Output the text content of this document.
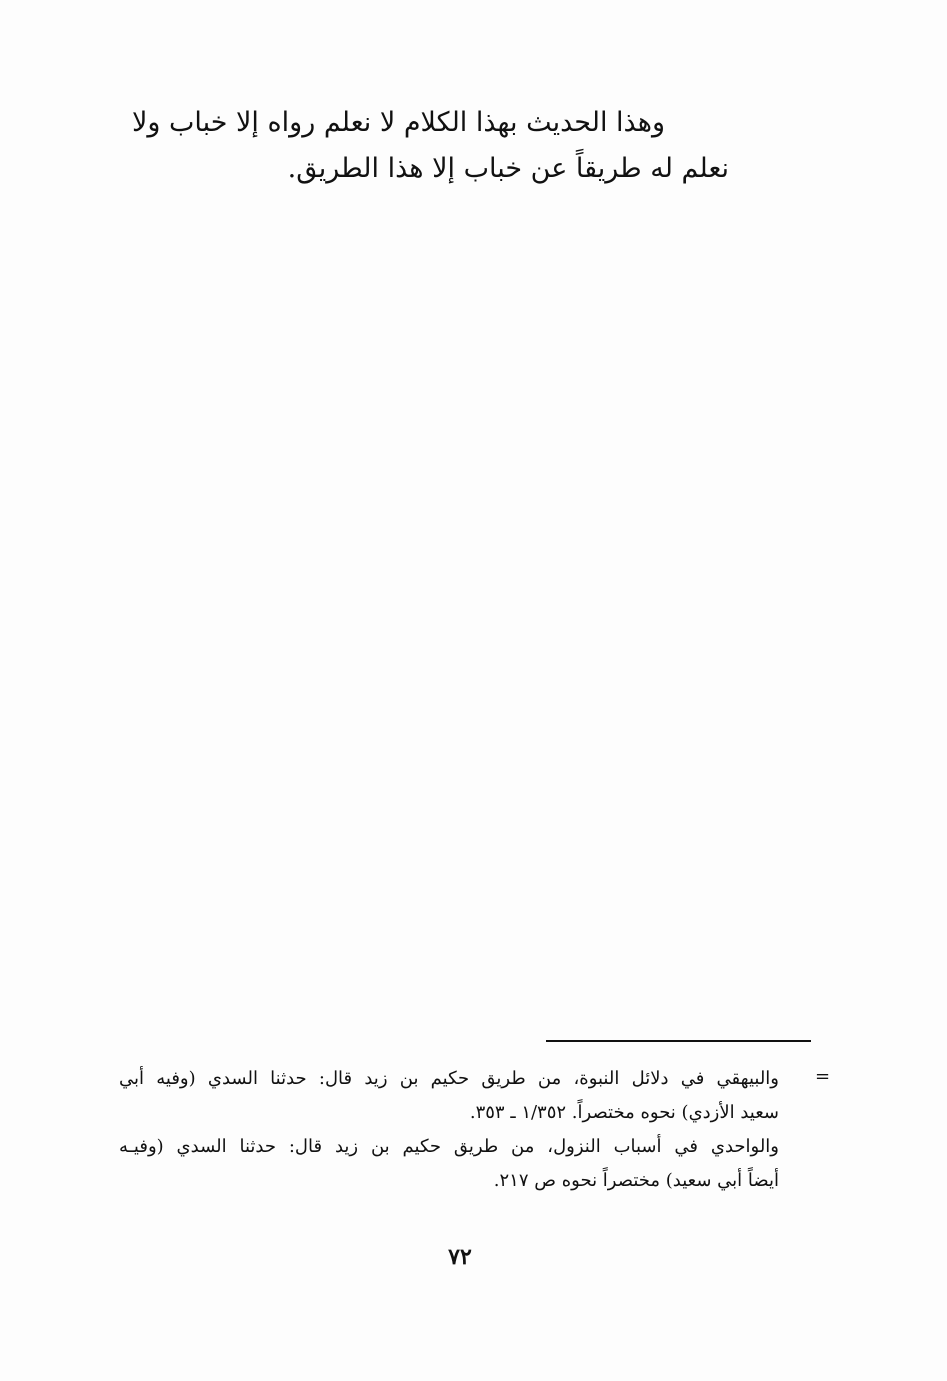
وهذا الحديث بهذا الكلام لا نعلم رواه إلا خباب ولا
نعلم له طريقاً عن خباب إلا هذا الطريق.
=
والبيهقي في دلائل النبوة، من طريق حكيم بن زيد قال: حدثنا السدي (وفيه أبي
سعيد الأزدي) نحوه مختصراً. ١/٣٥٢ ـ ٣٥٣.
والواحدي في أسباب النزول، من طريق حكيم بن زيد قال: حدثنا السدي (وفيـه
أيضاً أبي سعيد) مختصراً نحوه ص ٢١٧.
٧٢
